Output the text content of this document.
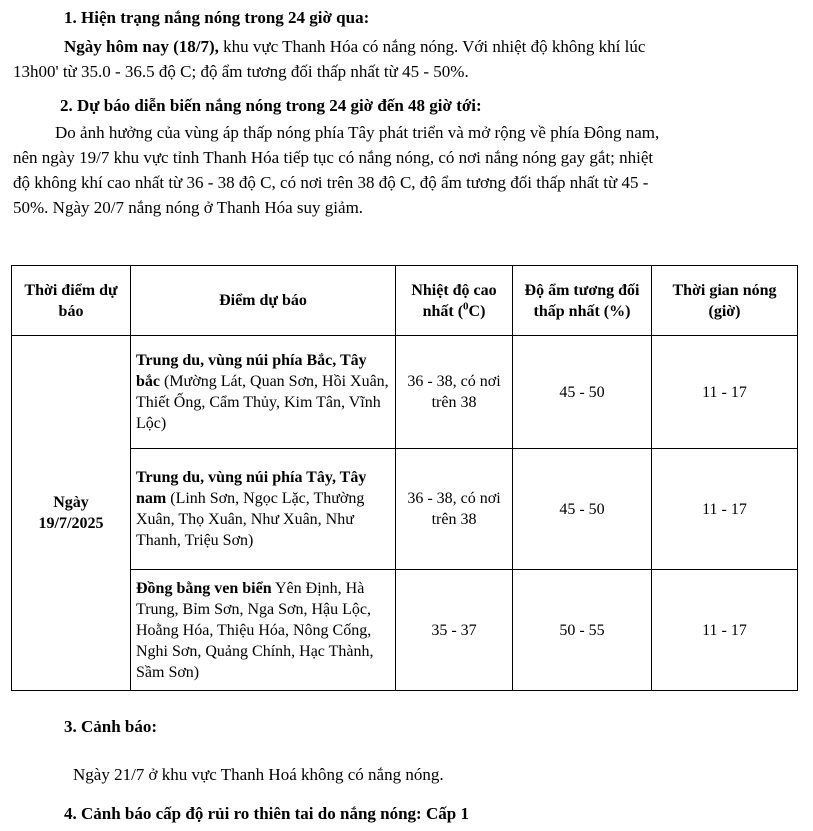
1. Hiện trạng nắng nóng trong 24 giờ qua:
Ngày hôm nay (18/7), khu vực Thanh Hóa có nắng nóng. Với nhiệt độ không khí lúc
13h00' từ 35.0 - 36.5 độ C; độ ẩm tương đối thấp nhất từ 45 - 50%.
2. Dự báo diễn biến nắng nóng trong 24 giờ đến 48 giờ tới:
Do ảnh hưởng của vùng áp thấp nóng phía Tây phát triển và mở rộng về phía Đông nam,
nên ngày 19/7 khu vực tỉnh Thanh Hóa tiếp tục có nắng nóng, có nơi nắng nóng gay gắt; nhiệt
độ không khí cao nhất từ 36 - 38 độ C, có nơi trên 38 độ C, độ ẩm tương đối thấp nhất từ 45 -
50%. Ngày 20/7 nắng nóng ở Thanh Hóa suy giảm.
Thời điểm dự báo	Điểm dự báo	Nhiệt độ cao nhất ($^0$C)	Độ ẩm tương đối thấp nhất (%)	Thời gian nóng (giờ)

Ngày
19/7/2025	Trung du, vùng núi phía Bắc, Tây bắc (Mường Lát, Quan Sơn, Hồi Xuân, Thiết Ống, Cẩm Thủy, Kim Tân, Vĩnh Lộc)	36 - 38, có nơi trên 38	45 - 50	11 - 17
	Trung du, vùng núi phía Tây, Tây nam (Linh Sơn, Ngọc Lặc, Thường Xuân, Thọ Xuân, Như Xuân, Như Thanh, Triệu Sơn)	36 - 38, có nơi trên 38	45 - 50	11 - 17
	Đồng bằng ven biển Yên Định, Hà Trung, Bỉm Sơn, Nga Sơn, Hậu Lộc, Hoằng Hóa, Thiệu Hóa, Nông Cống, Nghi Sơn, Quảng Chính, Hạc Thành, Sầm Sơn)	35 - 37	50 - 55	11 - 17
3. Cảnh báo:
Ngày 21/7 ở khu vực Thanh Hoá không có nắng nóng.
4. Cảnh báo cấp độ rủi ro thiên tai do nắng nóng: Cấp 1
